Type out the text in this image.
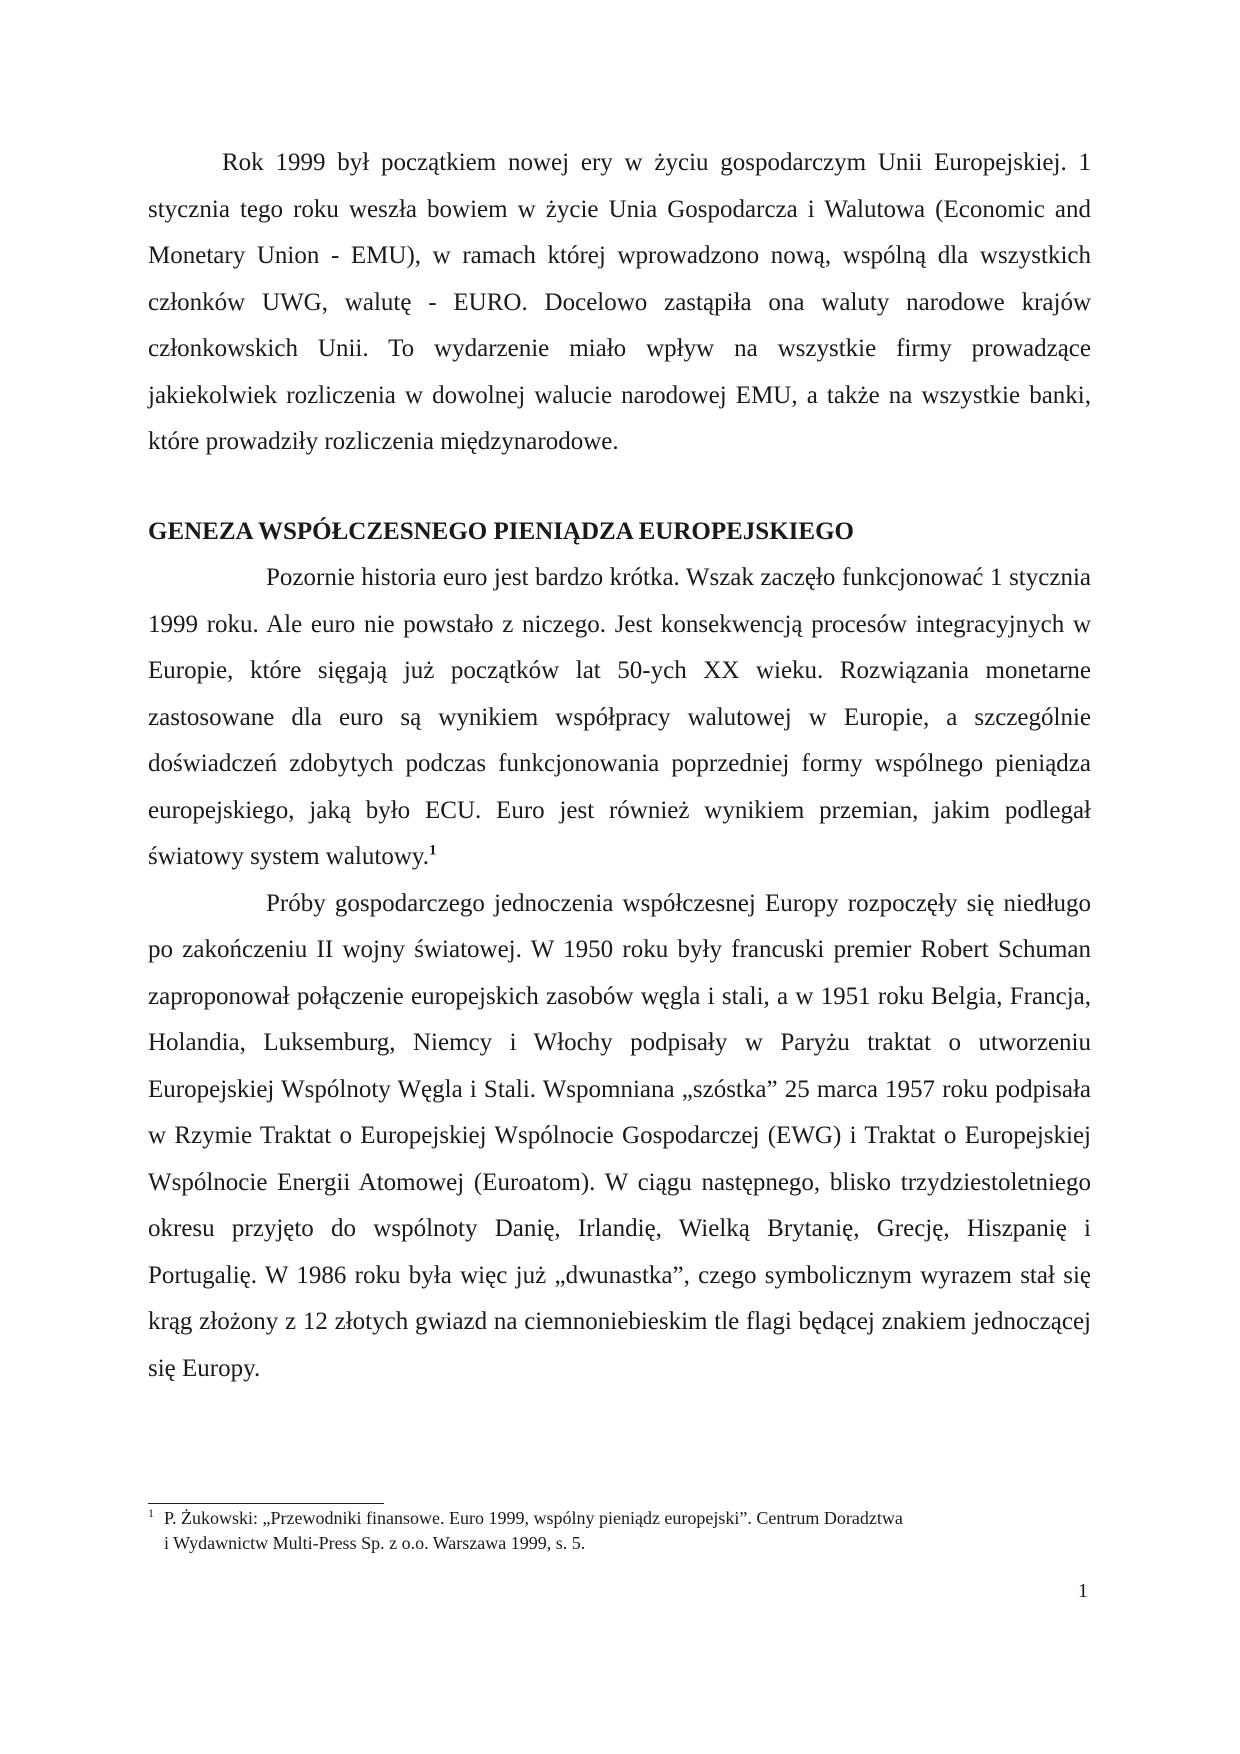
Rok 1999 był początkiem nowej ery w życiu gospodarczym Unii Europejskiej. 1 stycznia tego roku weszła bowiem w życie Unia Gospodarcza i Walutowa (Economic and Monetary Union - EMU), w ramach której wprowadzono nową, wspólną dla wszystkich członków UWG, walutę - EURO. Docelowo zastąpiła ona waluty narodowe krajów członkowskich Unii. To wydarzenie miało wpływ na wszystkie firmy prowadzące jakiekolwiek rozliczenia w dowolnej walucie narodowej EMU, a także na wszystkie banki, które prowadziły rozliczenia międzynarodowe.

GENEZA WSPÓŁCZESNEGO PIENIĄDZA EUROPEJSKIEGO

Pozornie historia euro jest bardzo krótka. Wszak zaczęło funkcjonować 1 stycznia 1999 roku. Ale euro nie powstało z niczego. Jest konsekwencją procesów integracyjnych w Europie, które sięgają już początków lat 50-ych XX wieku. Rozwiązania monetarne zastosowane dla euro są wynikiem współpracy walutowej w Europie, a szczególnie doświadczeń zdobytych podczas funkcjonowania poprzedniej formy wspólnego pieniądza europejskiego, jaką było ECU. Euro jest również wynikiem przemian, jakim podlegał światowy system walutowy.$^1$

Próby gospodarczego jednoczenia współczesnej Europy rozpoczęły się niedługo po zakończeniu II wojny światowej. W 1950 roku były francuski premier Robert Schuman zaproponował połączenie europejskich zasobów węgla i stali, a w 1951 roku Belgia, Francja, Holandia, Luksemburg, Niemcy i Włochy podpisały w Paryżu traktat o utworzeniu Europejskiej Wspólnoty Węgla i Stali. Wspomniana „szóstka” 25 marca 1957 roku podpisała w Rzymie Traktat o Europejskiej Wspólnocie Gospodarczej (EWG) i Traktat o Europejskiej Wspólnocie Energii Atomowej (Euroatom). W ciągu następnego, blisko trzydziestoletniego okresu przyjęto do wspólnoty Danię, Irlandię, Wielką Brytanię, Grecję, Hiszpanię i Portugalię. W 1986 roku była więc już „dwunastka”, czego symbolicznym wyrazem stał się krąg złożony z 12 złotych gwiazd na ciemnoniebieskim tle flagi będącej znakiem jednoczącej się Europy.

$^1$ P. Żukowski: „Przewodniki finansowe. Euro 1999, wspólny pieniądz europejski”. Centrum Doradztwa
i Wydawnictw Multi-Press Sp. z o.o. Warszawa 1999, s. 5.
1
